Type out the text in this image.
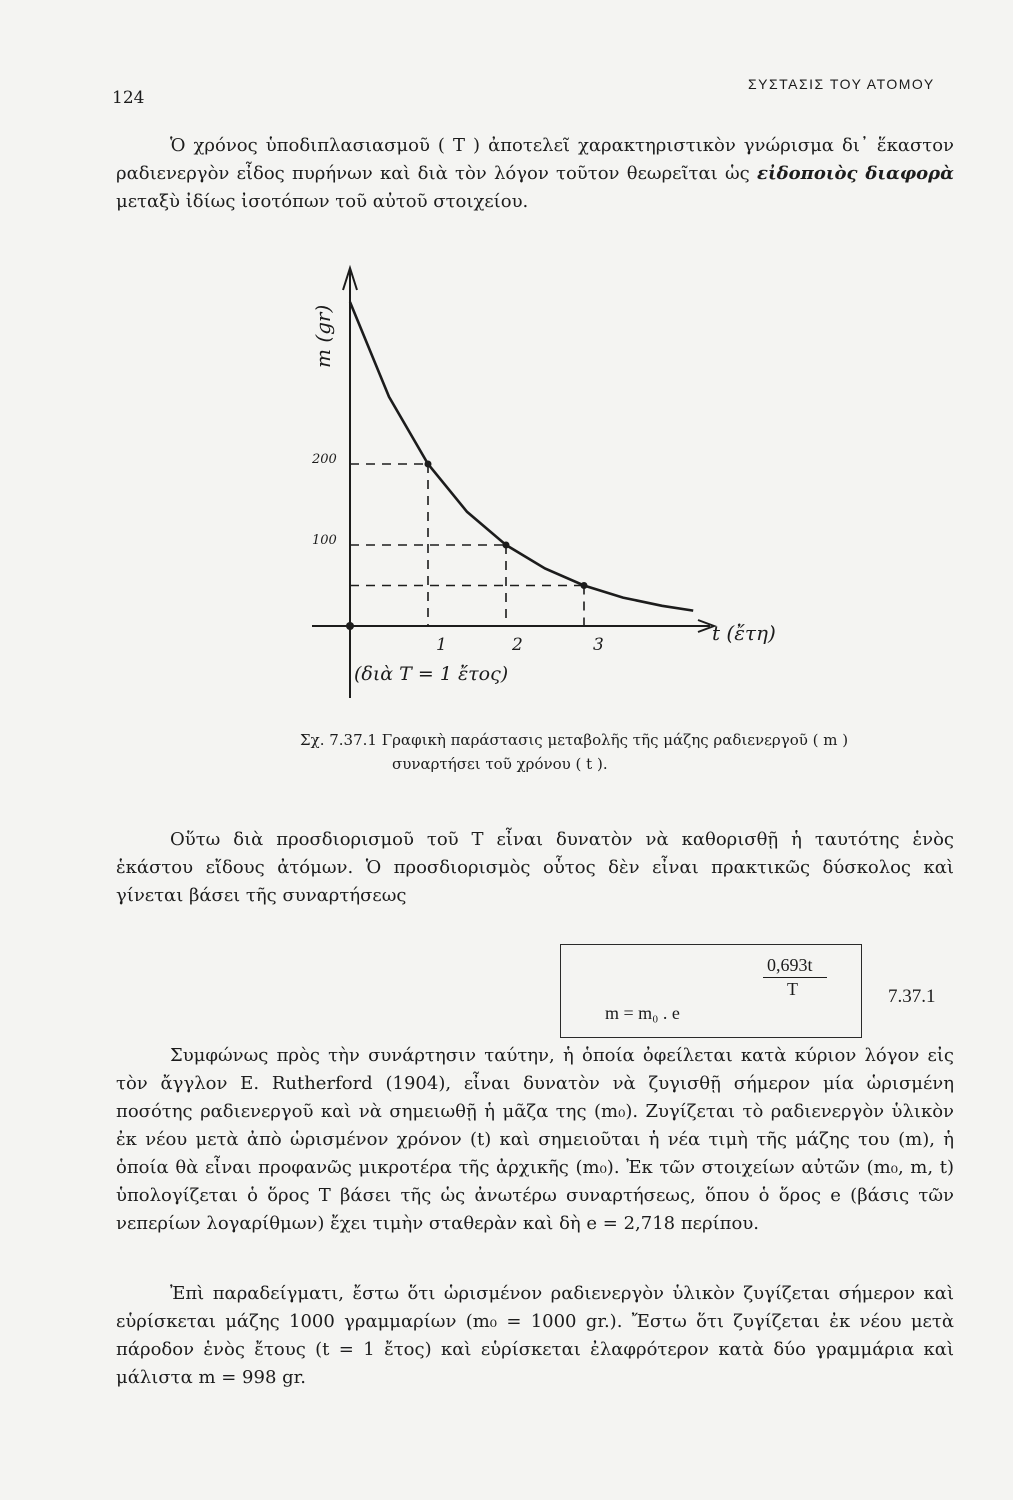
124
ΣΥΣΤΑΣΙΣ ΤΟΥ ΑΤΟΜΟΥ

Ὁ χρόνος ὑποδιπλασιασμοῦ ( Τ ) ἀποτελεῖ χαρακτηριστικὸν γνώρισμα δι᾿ ἕκαστον ραδιενεργὸν εἶδος πυρήνων καὶ διὰ τὸν λόγον τοῦτον θεωρεῖται ὡς εἰδοποιὸς διαφορὰ μεταξὺ ἰδίως ἰσοτόπων τοῦ αὐτοῦ στοιχείου.

m (gr)
t (ἔτη)
200
100
1	2	3
(διὰ T = 1 ἔτος)
Σχ. 7.37.1 Γραφικὴ παράστασις μεταβολῆς τῆς μάζης ραδιενεργοῦ ( m )
συναρτήσει τοῦ χρόνου ( t ).

Οὕτω διὰ προσδιορισμοῦ τοῦ Τ εἶναι δυνατὸν νὰ καθορισθῇ ἡ ταυτότης ἑνὸς ἑκάστου εἴδους ἀτόμων. Ὁ προσδιορισμὸς οὗτος δὲν εἶναι πρακτικῶς δύσκολος καὶ γίνεται βάσει τῆς συναρτήσεως

0,693t
T
m = m₀ . e
7.37.1

Συμφώνως πρὸς τὴν συνάρτησιν ταύτην, ἡ ὁποία ὀφείλεται κατὰ κύριον λόγον εἰς τὸν ἄγγλον E. Rutherford (1904), εἶναι δυνατὸν νὰ ζυγισθῇ σήμερον μία ὡρισμένη ποσότης ραδιενεργοῦ καὶ νὰ σημειωθῇ ἡ μᾶζα της (m₀). Ζυγίζεται τὸ ραδιενεργὸν ὑλικὸν ἐκ νέου μετὰ ἀπὸ ὡρισμένον χρόνον (t) καὶ σημειοῦται ἡ νέα τιμὴ τῆς μάζης του (m), ἡ ὁποία θὰ εἶναι προφανῶς μικροτέρα τῆς ἀρχικῆς (m₀). Ἐκ τῶν στοιχείων αὐτῶν (m₀, m, t) ὑπολογίζεται ὁ ὅρος Τ βάσει τῆς ὡς ἀνωτέρω συναρτήσεως, ὅπου ὁ ὅρος e (βάσις τῶν νεπερίων λογαρίθμων) ἔχει τιμὴν σταθερὰν καὶ δὴ e = 2,718 περίπου.

Ἐπὶ παραδείγματι, ἔστω ὅτι ὡρισμένον ραδιενεργὸν ὑλικὸν ζυγίζεται σήμερον καὶ εὑρίσκεται μάζης 1000 γραμμαρίων (m₀ = 1000 gr.). Ἔστω ὅτι ζυγίζεται ἐκ νέου μετὰ πάροδον ἑνὸς ἔτους (t = 1 ἔτος) καὶ εὑρίσκεται ἐλαφρότερον κατὰ δύο γραμμάρια καὶ μάλιστα m = 998 gr.
